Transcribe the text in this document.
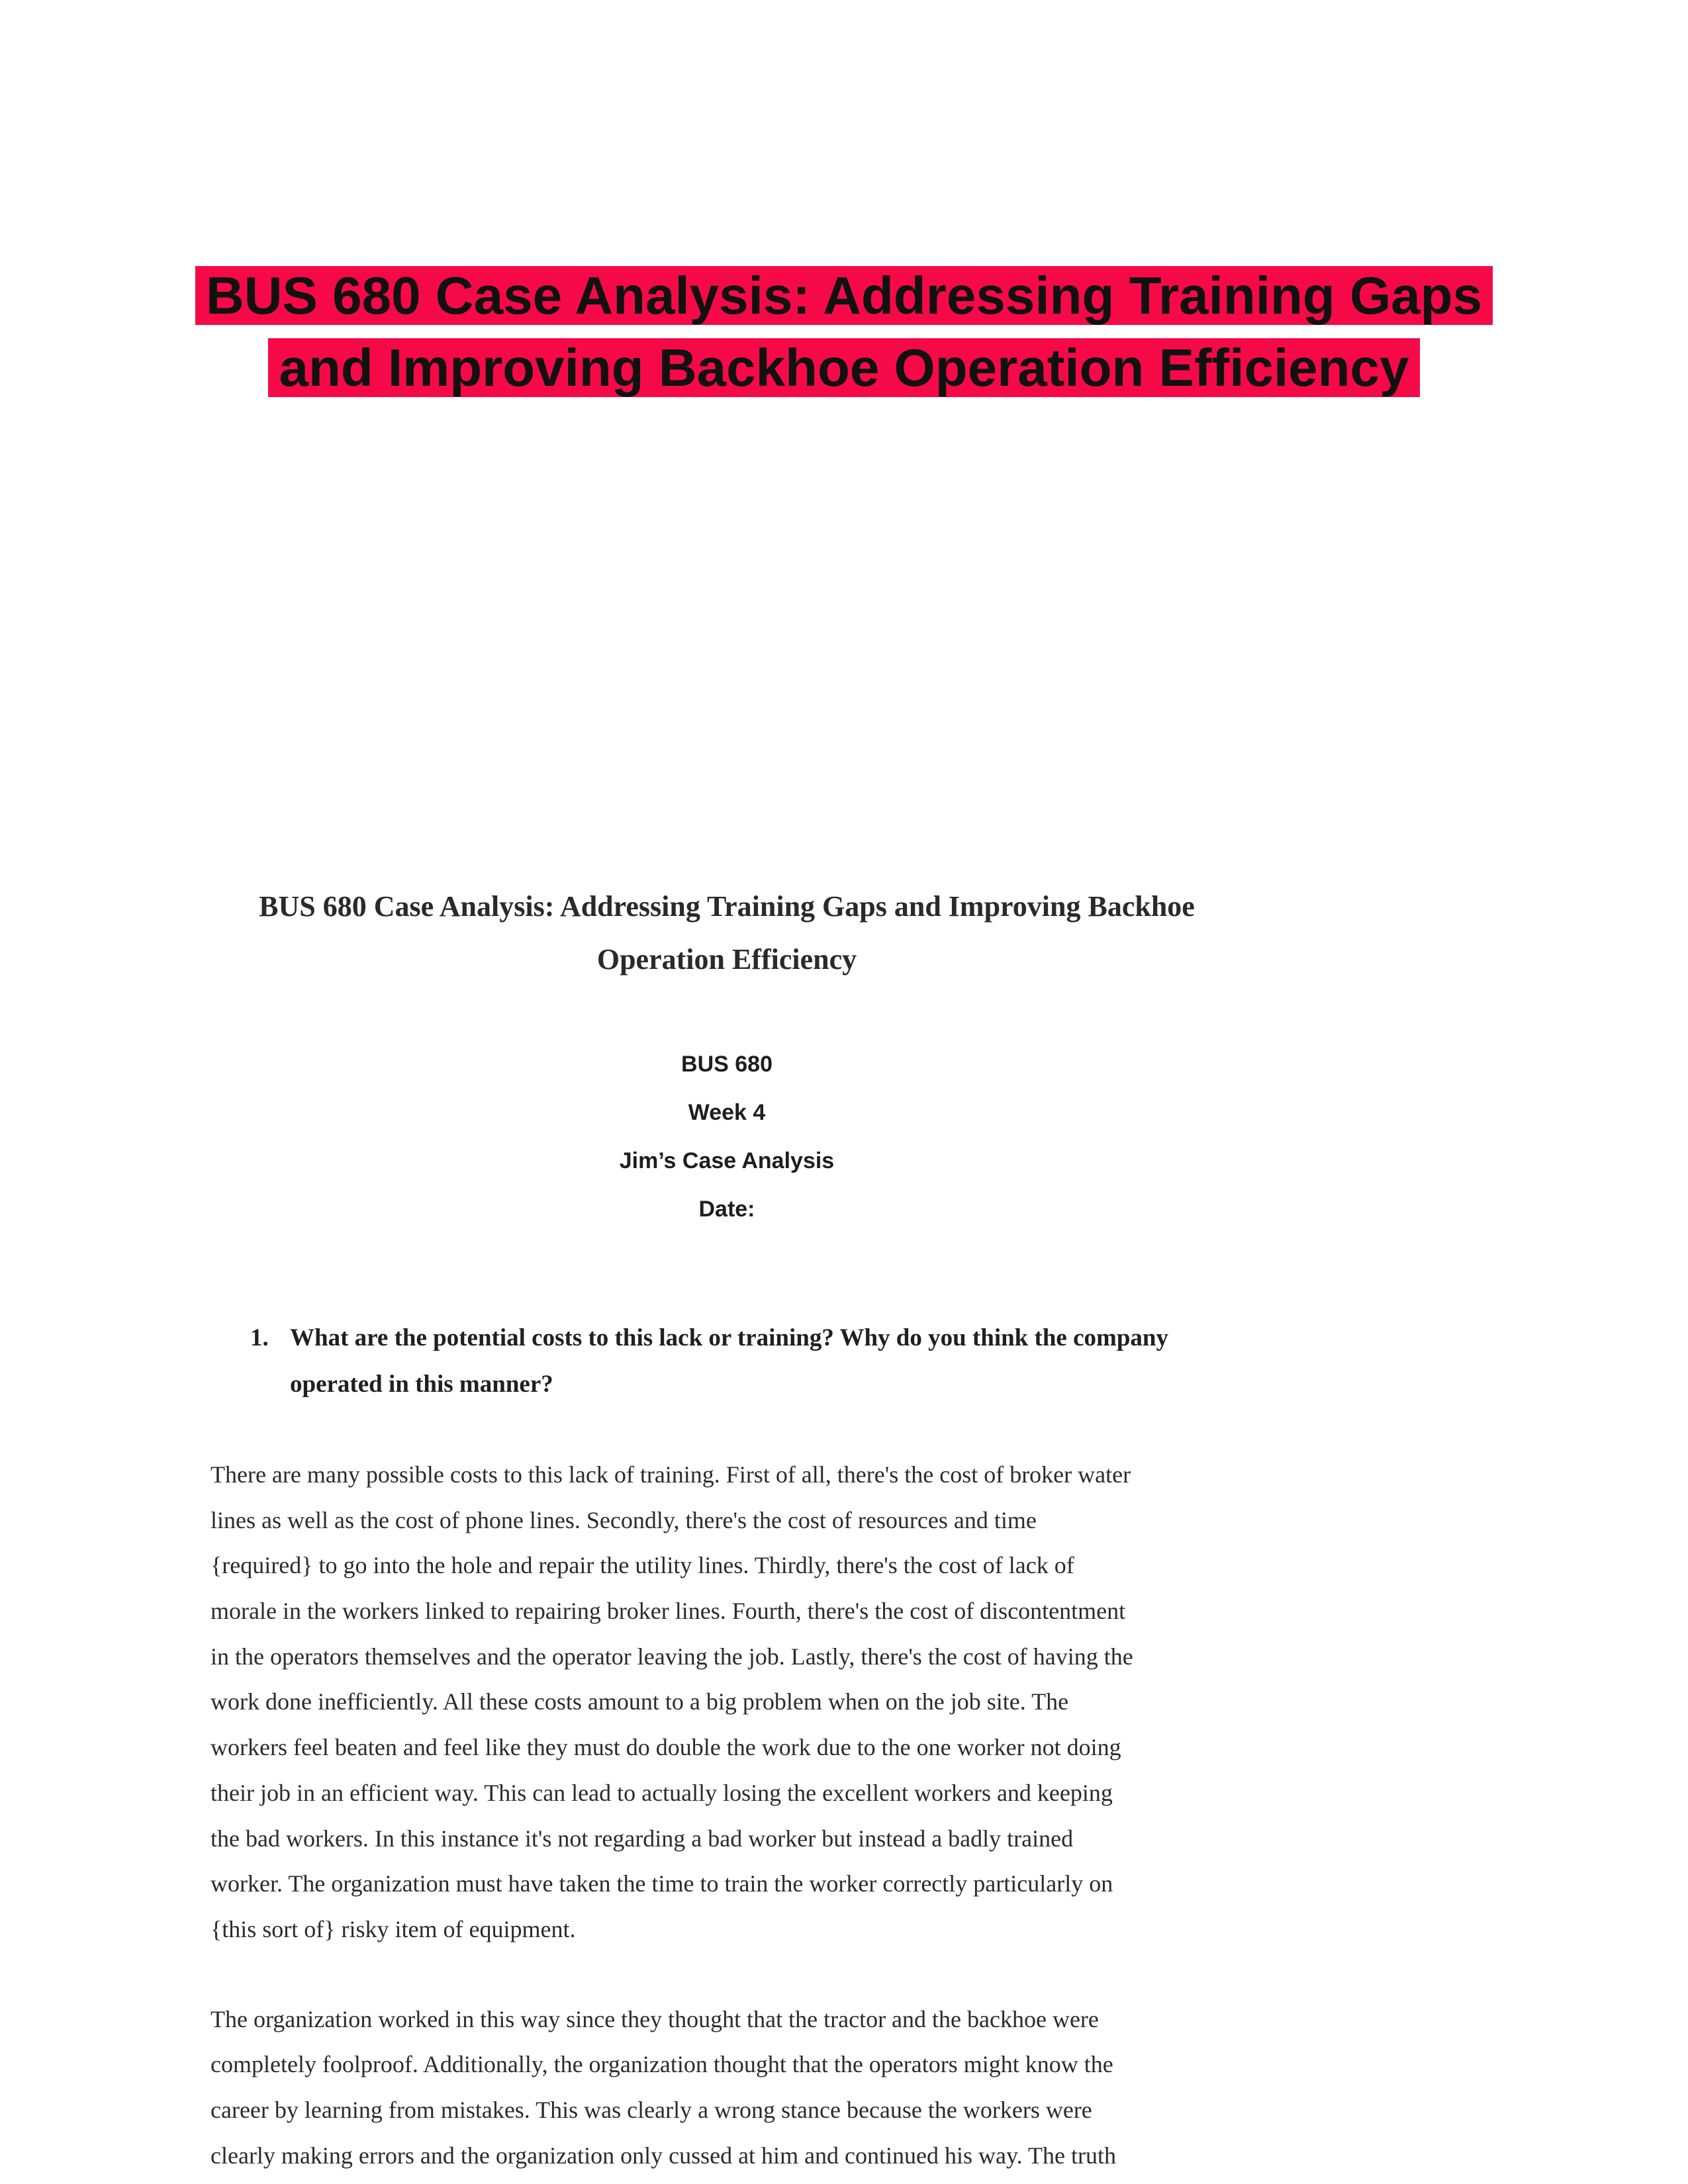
BUS 680 Case Analysis: Addressing Training Gaps
and Improving Backhoe Operation Efficiency
BUS 680 Case Analysis: Addressing Training Gaps and Improving Backhoe
Operation Efficiency
BUS 680
Week 4
Jim’s Case Analysis
Date:
1. What are the potential costs to this lack or training? Why do you think the company
operated in this manner?
There are many possible costs to this lack of training. First of all, there's the cost of broker water
lines as well as the cost of phone lines. Secondly, there's the cost of resources and time
{required} to go into the hole and repair the utility lines. Thirdly, there's the cost of lack of
morale in the workers linked to repairing broker lines. Fourth, there's the cost of discontentment
in the operators themselves and the operator leaving the job. Lastly, there's the cost of having the
work done inefficiently. All these costs amount to a big problem when on the job site. The
workers feel beaten and feel like they must do double the work due to the one worker not doing
their job in an efficient way. This can lead to actually losing the excellent workers and keeping
the bad workers. In this instance it's not regarding a bad worker but instead a badly trained
worker. The organization must have taken the time to train the worker correctly particularly on
{this sort of} risky item of equipment.
The organization worked in this way since they thought that the tractor and the backhoe were
completely foolproof. Additionally, the organization thought that the operators might know the
career by learning from mistakes. This was clearly a wrong stance because the workers were
clearly making errors and the organization only cussed at him and continued his way. The truth
